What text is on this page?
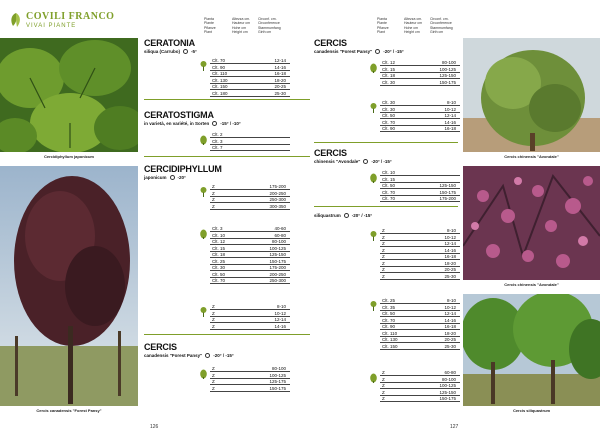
COVILI FRANCO
VIVAI PIANTE
Pianta
Plante
Pflanze
Plant
Altezza cm.
Hauteur cm
Hohe cm
Height cm
Circonf. cm.
Circonference
Stammumfang
Girth cm
Pianta
Plante
Pflanze
Plant
Altezza cm.
Hauteur cm
Hohe cm
Height cm
Circonf. cm.
Circonference
Stammumfang
Girth cm
Cercidiphyllum japonicum
Cercis canadensis "Forest Pansy"
Cercis chinensis "Avondale"
Cercis chinensis "Avondale"
Cercis siliquastrum
126	127
CERATONIA
siliqua (Carrubo) -5°
Clt. 70	12-14
Clt. 90	14-16
Clt. 110	16-18
Clt. 130	18-20
Clt. 150	20-25
Clt. 180	25-30
CERATOSTIGMA
in varietà, en variété, in Sorten -15° / -10°
Clt. 2
Clt. 3
Clt. 7
CERCIDIPHYLLUM
japonicum -20°
Z	175-200
Z	200-250
Z	250-300
Z	300-350
Clt. 3	40-60
Clt. 10	60-80
Clt. 12	80-100
Clt. 15	100-125
Clt. 18	125-150
Clt. 25	150-175
Clt. 30	175-200
Clt. 50	200-250
Clt. 70	250-300
Z	8-10
Z	10-12
Z	12-14
Z	14-16
CERCIS
canadensis "Forest Pansy" -20° / -15°
Z	80-100
Z	100-125
Z	125-175
Z	150-175
CERCIS
canadensis "Forest Pansy" -20° / -15°
Clt. 12	80-100
Clt. 15	100-125
Clt. 18	125-150
Clt. 30	150-175
Clt. 30	8-10
Clt. 30	10-12
Clt. 50	12-14
Clt. 70	14-16
Clt. 90	16-18
CERCIS
chinensis "Avondale" -20° / -15°
Clt. 10
Clt. 15
Clt. 50	125-150
Clt. 70	150-175
Clt. 70	175-200
siliquastrum -20° / -15°
Z	8-10
Z	10-12
Z	12-14
Z	14-16
Z	16-18
Z	18-20
Z	20-25
Z	25-30
Clt. 25	8-10
Clt. 35	10-12
Clt. 50	12-14
Clt. 70	14-16
Clt. 90	16-18
Clt. 110	18-20
Clt. 130	20-25
Clt. 150	25-30
Z	60-80
Z	80-100
Z	100-125
Z	125-150
Z	150-175
